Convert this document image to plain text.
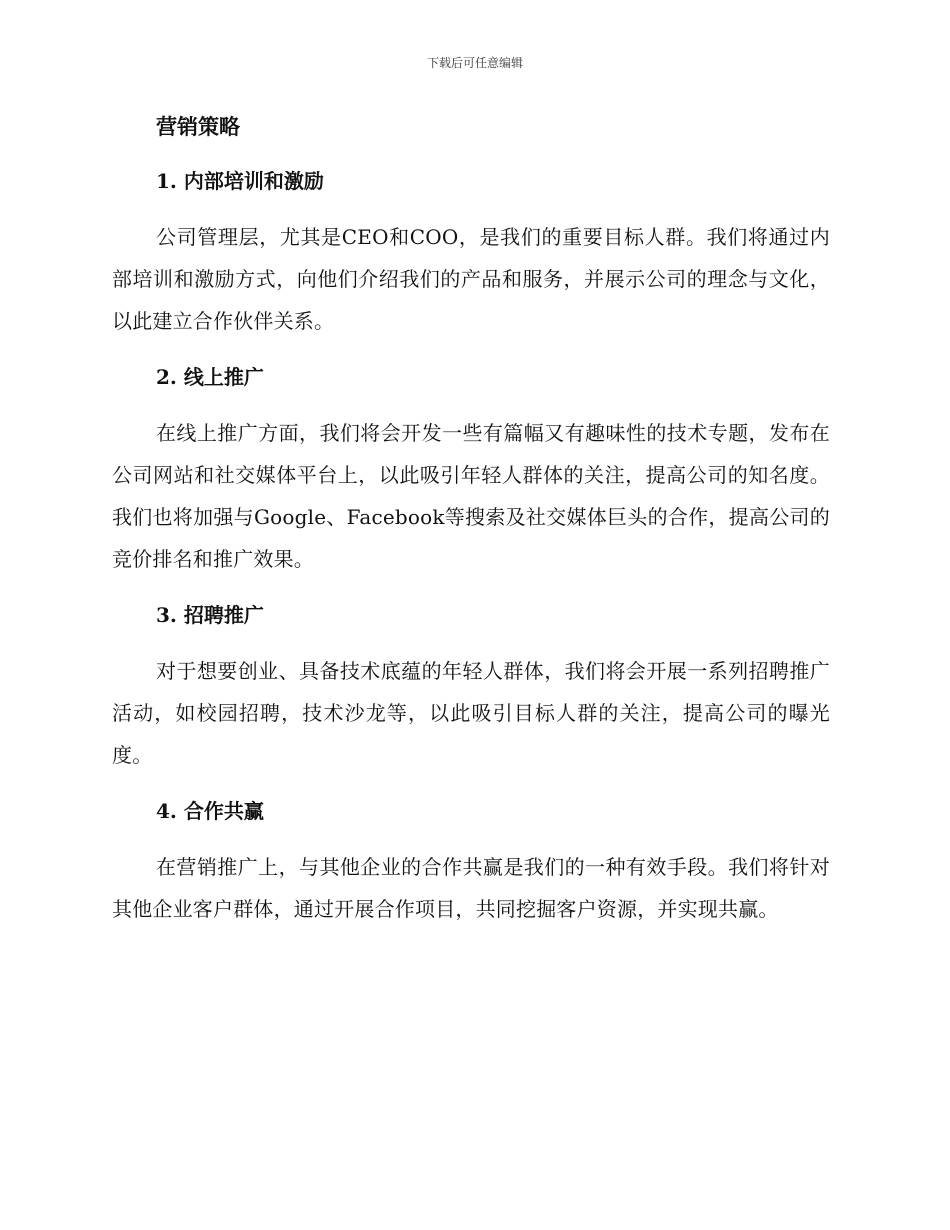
下载后可任意编辑
营销策略
1. 内部培训和激励

公司管理层，尤其是CEO和COO，是我们的重要目标人群。我们将通过内部培训和激励方式，向他们介绍我们的产品和服务，并展示公司的理念与文化，以此建立合作伙伴关系。

2. 线上推广

在线上推广方面，我们将会开发一些有篇幅又有趣味性的技术专题，发布在公司网站和社交媒体平台上，以此吸引年轻人群体的关注，提高公司的知名度。我们也将加强与Google、Facebook等搜索及社交媒体巨头的合作，提高公司的竞价排名和推广效果。

3. 招聘推广

对于想要创业、具备技术底蕴的年轻人群体，我们将会开展一系列招聘推广活动，如校园招聘，技术沙龙等，以此吸引目标人群的关注，提高公司的曝光度。

4. 合作共赢

在营销推广上，与其他企业的合作共赢是我们的一种有效手段。我们将针对其他企业客户群体，通过开展合作项目，共同挖掘客户资源，并实现共赢。
